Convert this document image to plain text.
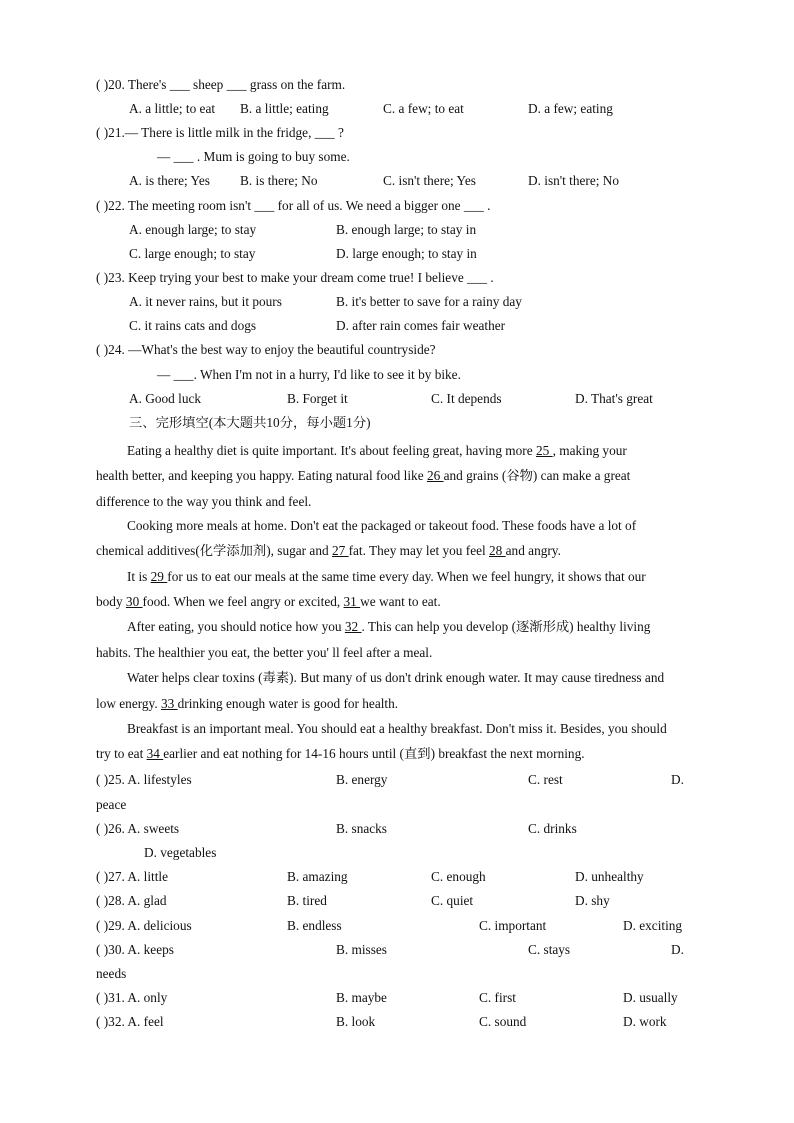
( )20. There's ___ sheep ___ grass on the farm.
A. a little; to eat B. a little; eating	C. a few; to eat	D. a few; eating
( )21.— There is little milk in the fridge, ___ ?
— ___ . Mum is going to buy some.
A. is there; Yes B. is there; No	C. isn't there; Yes	D. isn't there; No
( )22. The meeting room isn't ___ for all of us. We need a bigger one ___ .
A. enough large; to stay	B. enough large; to stay in
C. large enough; to stay	D. large enough; to stay in
( )23. Keep trying your best to make your dream come true! I believe ___ .
A. it never rains, but it pours	B. it's better to save for a rainy day
C. it rains cats and dogs	D. after rain comes fair weather
( )24. —What's the best way to enjoy the beautiful countryside?
— ___. When I'm not in a hurry, I'd like to see it by bike.
A. Good luck	B. Forget it	C. It depends	D. That's great
三、完形填空(本大题共10分，每小题1分)
Eating a healthy diet is quite important. It's about feeling great, having more 25 , making your
health better, and keeping you happy. Eating natural food like 26 and grains (谷物) can make a great
difference to the way you think and feel.
Cooking more meals at home. Don't eat the packaged or takeout food. These foods have a lot of
chemical additives(化学添加剂), sugar and 27 fat. They may let you feel 28 and angry.
It is 29 for us to eat our meals at the same time every day. When we feel hungry, it shows that our
body 30 food. When we feel angry or excited, 31 we want to eat.
After eating, you should notice how you 32 . This can help you develop (逐渐形成) healthy living
habits. The healthier you eat, the better you' ll feel after a meal.
Water helps clear toxins (毒素). But many of us don't drink enough water. It may cause tiredness and
low energy. 33 drinking enough water is good for health.
Breakfast is an important meal. You should eat a healthy breakfast. Don't miss it. Besides, you should
try to eat 34 earlier and eat nothing for 14-16 hours until (直到) breakfast the next morning.
( )25. A. lifestyles	B. energy	C. rest	D.
peace
( )26. A. sweets	B. snacks	C. drinks
D. vegetables
( )27. A. little	B. amazing	C. enough	D. unhealthy
( )28. A. glad	B. tired	C. quiet	D. shy
( )29. A. delicious	B. endless	C. important	D. exciting
( )30. A. keeps	B. misses	C. stays	D.
needs
( )31. A. only	B. maybe	C. first	D. usually
( )32. A. feel	B. look	C. sound	D. work
